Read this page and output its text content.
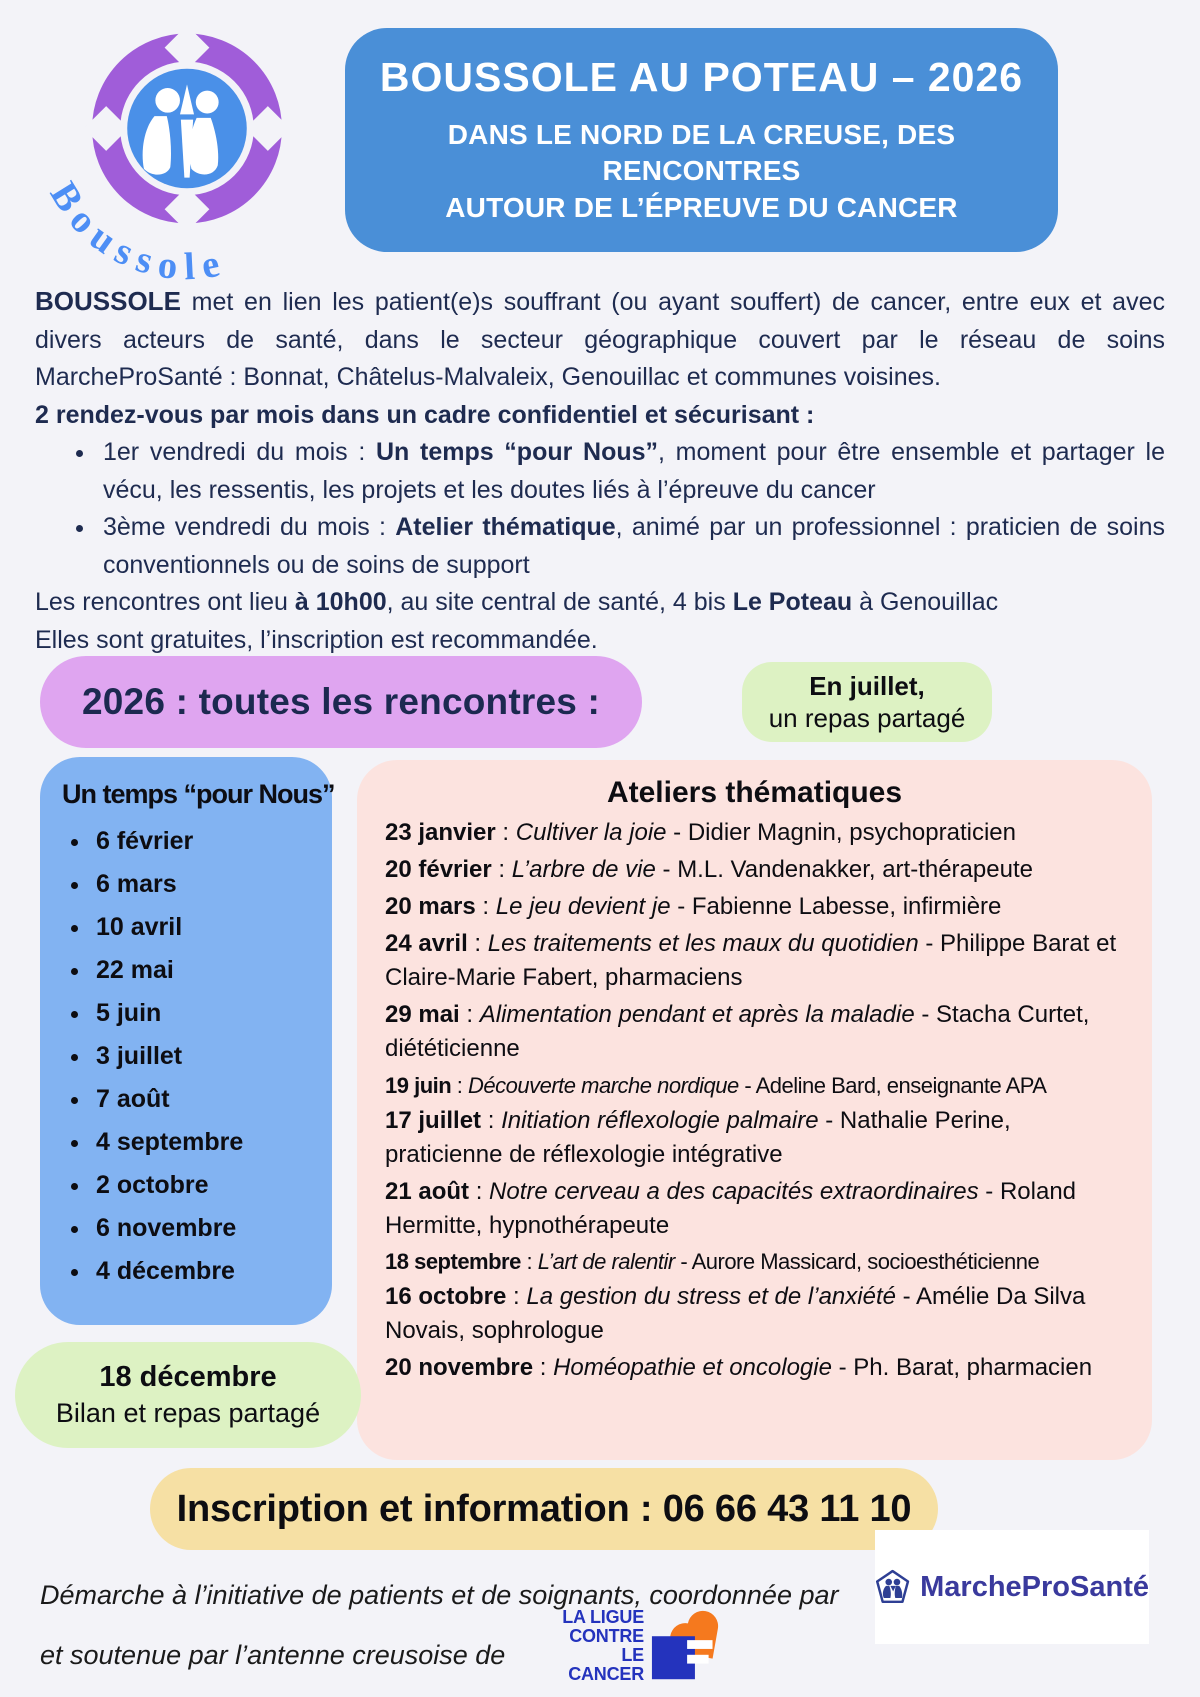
Boussole
BOUSSOLE AU POTEAU – 2026
DANS LE NORD DE LA CREUSE, DES RENCONTRES
AUTOUR DE L’ÉPREUVE DU CANCER

BOUSSOLE met en lien les patient(e)s souffrant (ou ayant souffert) de cancer, entre eux et avec divers acteurs de santé, dans le secteur géographique couvert par le réseau de soins MarcheProSanté : Bonnat, Châtelus-Malvaleix, Genouillac et communes voisines.

2 rendez-vous par mois dans un cadre confidentiel et sécurisant :

• 1er vendredi du mois : Un temps “pour Nous”, moment pour être ensemble et partager le vécu, les ressentis, les projets et les doutes liés à l’épreuve du cancer
• 3ème vendredi du mois : Atelier thématique, animé par un professionnel : praticien de soins conventionnels ou de soins de support

Les rencontres ont lieu à 10h00, au site central de santé, 4 bis Le Poteau à Genouillac

Elles sont gratuites, l’inscription est recommandée.

2026 : toutes les rencontres :	En juillet,
un repas partagé
Un temps “pour Nous”
• 6 février
• 6 mars
• 10 avril
• 22 mai
• 5 juin
• 3 juillet
• 7 août
• 4 septembre
• 2 octobre
• 6 novembre
• 4 décembre
Ateliers thématiques

23 janvier : Cultiver la joie - Didier Magnin, psychopraticien

20 février : L’arbre de vie - M.L. Vandenakker, art-thérapeute

20 mars : Le jeu devient je - Fabienne Labesse, infirmière

24 avril : Les traitements et les maux du quotidien - Philippe Barat et Claire-Marie Fabert, pharmaciens

29 mai : Alimentation pendant et après la maladie - Stacha Curtet, diététicienne

19 juin : Découverte marche nordique - Adeline Bard, enseignante APA

17 juillet : Initiation réflexologie palmaire - Nathalie Perine, praticienne de réflexologie intégrative

21 août : Notre cerveau a des capacités extraordinaires - Roland Hermitte, hypnothérapeute

18 septembre : L’art de ralentir - Aurore Massicard, socioesthéticienne

16 octobre : La gestion du stress et de l’anxiété - Amélie Da Silva Novais, sophrologue

20 novembre : Homéopathie et oncologie - Ph. Barat, pharmacien

18 décembre
Bilan et repas partagé
Inscription et information : 06 66 43 11 10
Démarche à l’initiative de patients et de soignants, coordonnée par
et soutenue par l’antenne creusoise de
MarcheProSanté
LA LIGUE
CONTRE
LE CANCER
